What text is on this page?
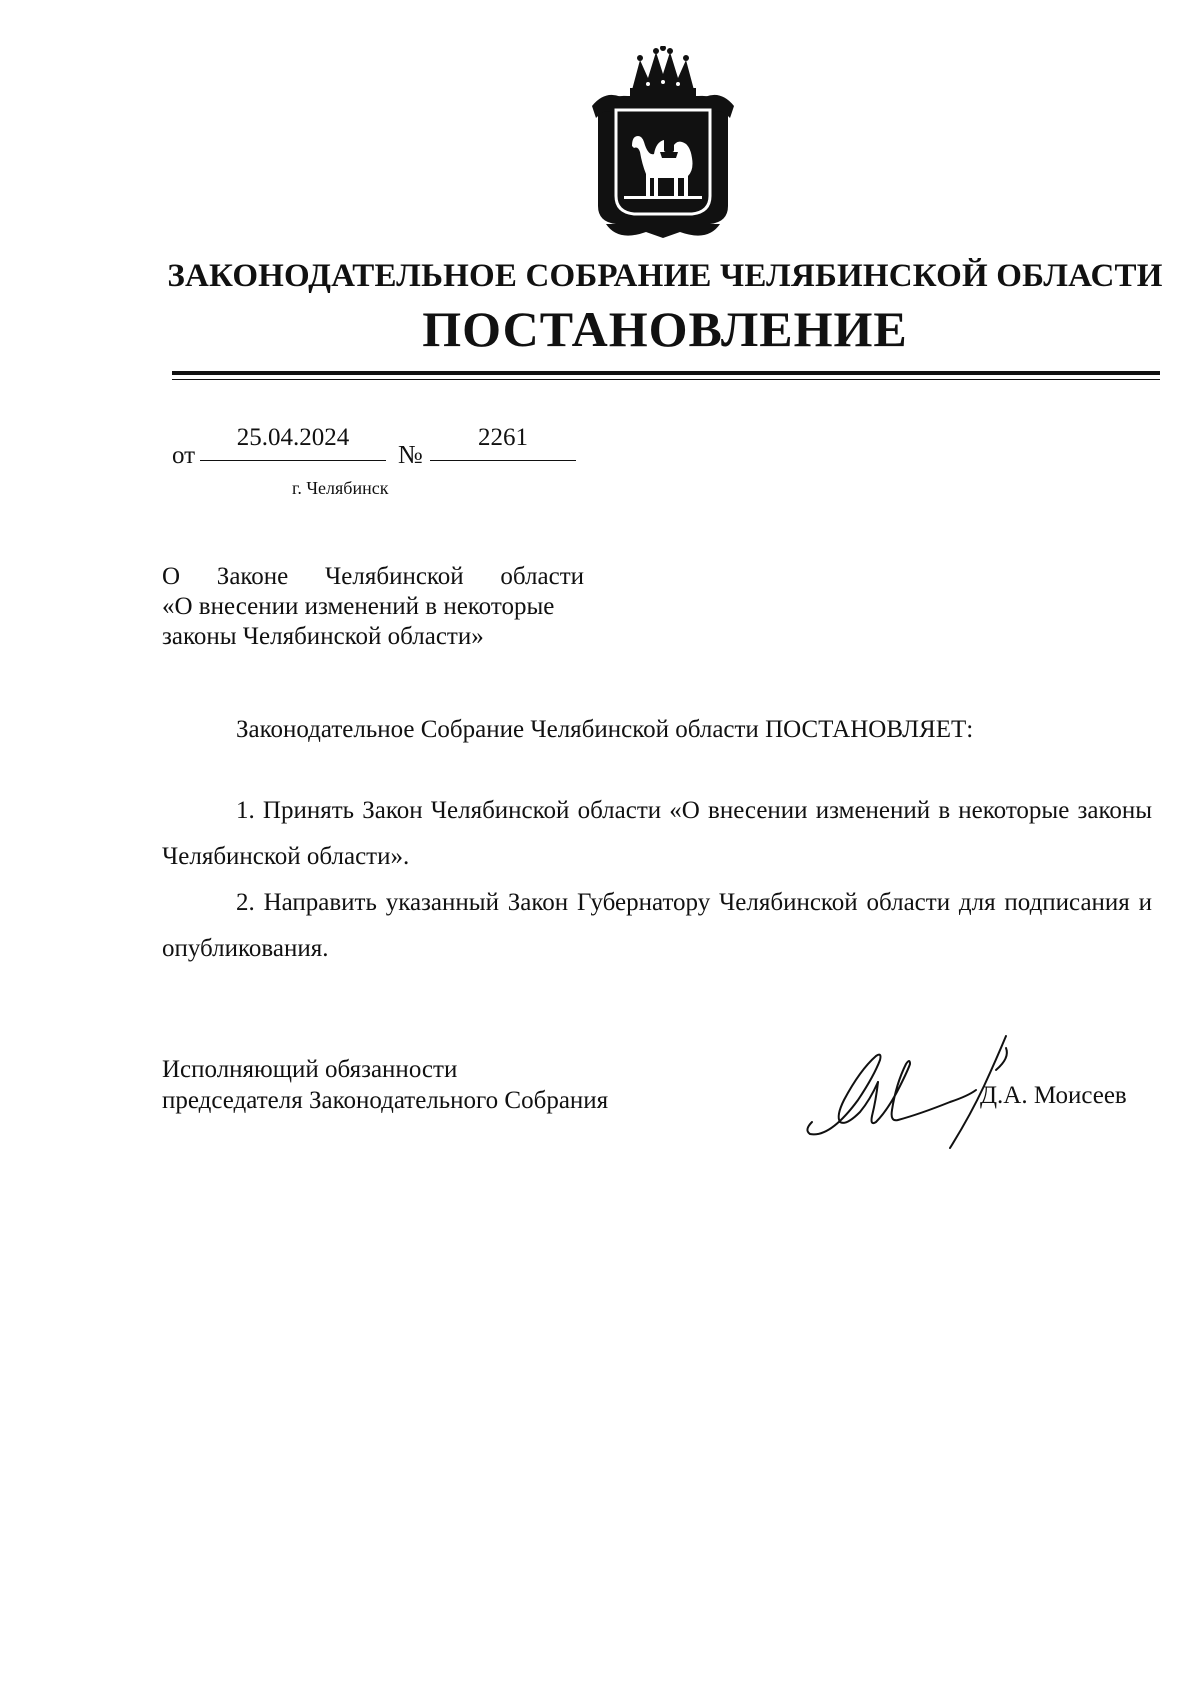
ЗАКОНОДАТЕЛЬНОЕ СОБРАНИЕ ЧЕЛЯБИНСКОЙ ОБЛАСТИ
ПОСТАНОВЛЕНИЕ
от
25.04.2024
№
2261
г. Челябинск
О Законе Челябинской области
«О внесении изменений в некоторые
законы Челябинской области»
Законодательное Собрание Челябинской области ПОСТАНОВЛЯЕТ:
1. Принять Закон Челябинской области «О внесении изменений в некоторые законы Челябинской области».
2. Направить указанный Закон Губернатору Челябинской области для подписания и опубликования.
Исполняющий обязанности
председателя Законодательного Собрания	Д.А. Моисеев
